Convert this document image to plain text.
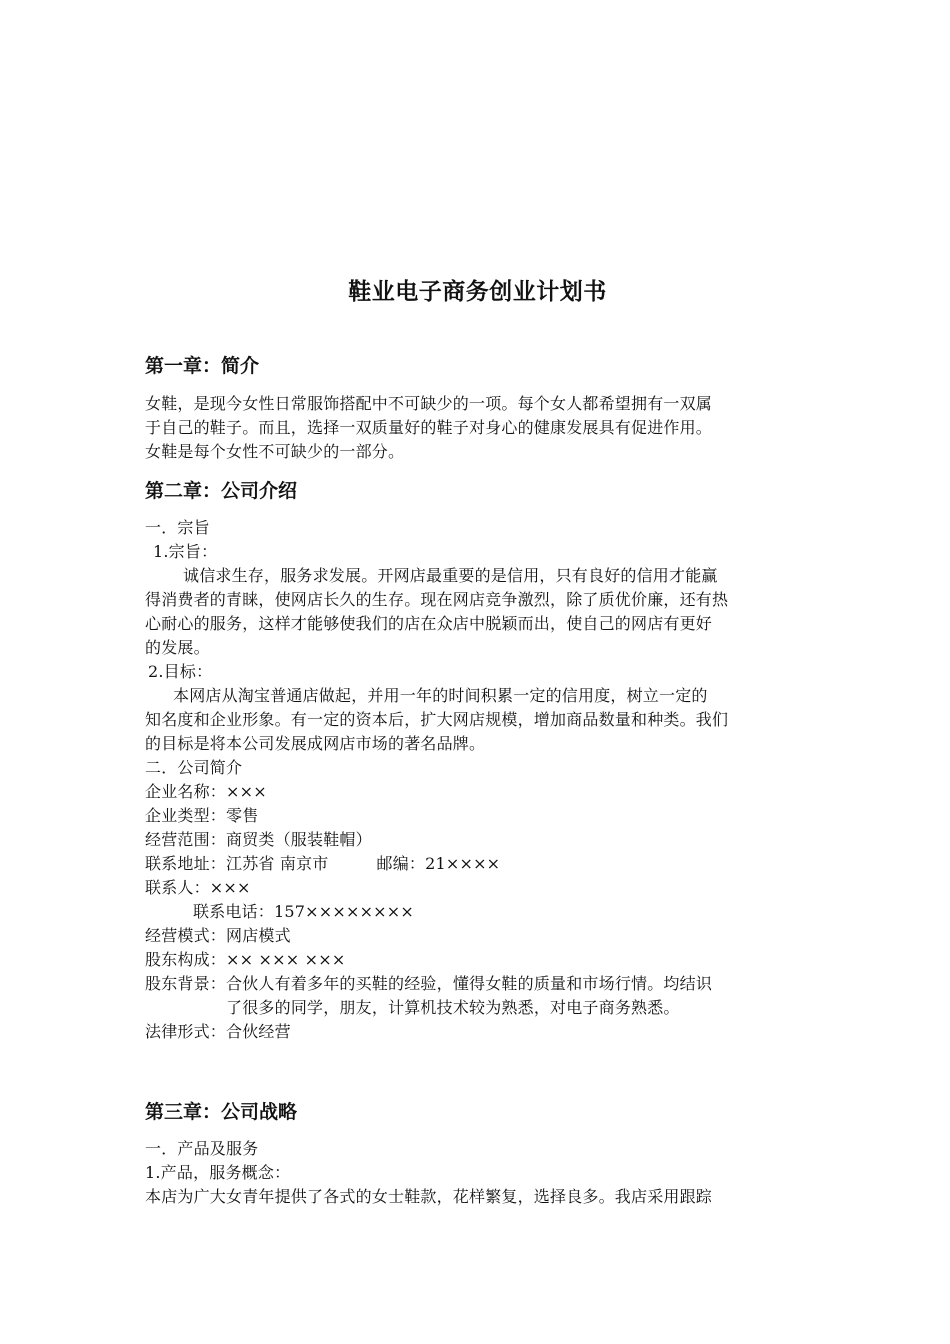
鞋业电子商务创业计划书
第一章：简介
女鞋，是现今女性日常服饰搭配中不可缺少的一项。每个女人都希望拥有一双属
于自己的鞋子。而且，选择一双质量好的鞋子对身心的健康发展具有促进作用。
女鞋是每个女性不可缺少的一部分。
第二章：公司介绍
一．宗旨
1.宗旨：
诚信求生存，服务求发展。开网店最重要的是信用，只有良好的信用才能赢
得消费者的青睐，使网店长久的生存。现在网店竞争激烈，除了质优价廉，还有热
心耐心的服务，这样才能够使我们的店在众店中脱颖而出，使自己的网店有更好
的发展。
2.目标：
本网店从淘宝普通店做起，并用一年的时间积累一定的信用度，树立一定的
知名度和企业形象。有一定的资本后，扩大网店规模，增加商品数量和种类。我们
的目标是将本公司发展成网店市场的著名品牌。
二．公司简介
企业名称：×××
企业类型：零售
经营范围：商贸类（服装鞋帽）
联系地址：江苏省 南京市	邮编：21××××
联系人：×××
联系电话：157××××××××
经营模式：网店模式
股东构成：×× ××× ×××
股东背景： 合伙人有着多年的买鞋的经验，懂得女鞋的质量和市场行情。均结识
了很多的同学，朋友，计算机技术较为熟悉，对电子商务熟悉。
法律形式：合伙经营
第三章：公司战略
一．产品及服务
1.产品，服务概念：
本店为广大女青年提供了各式的女士鞋款，花样繁复，选择良多。我店采用跟踪
